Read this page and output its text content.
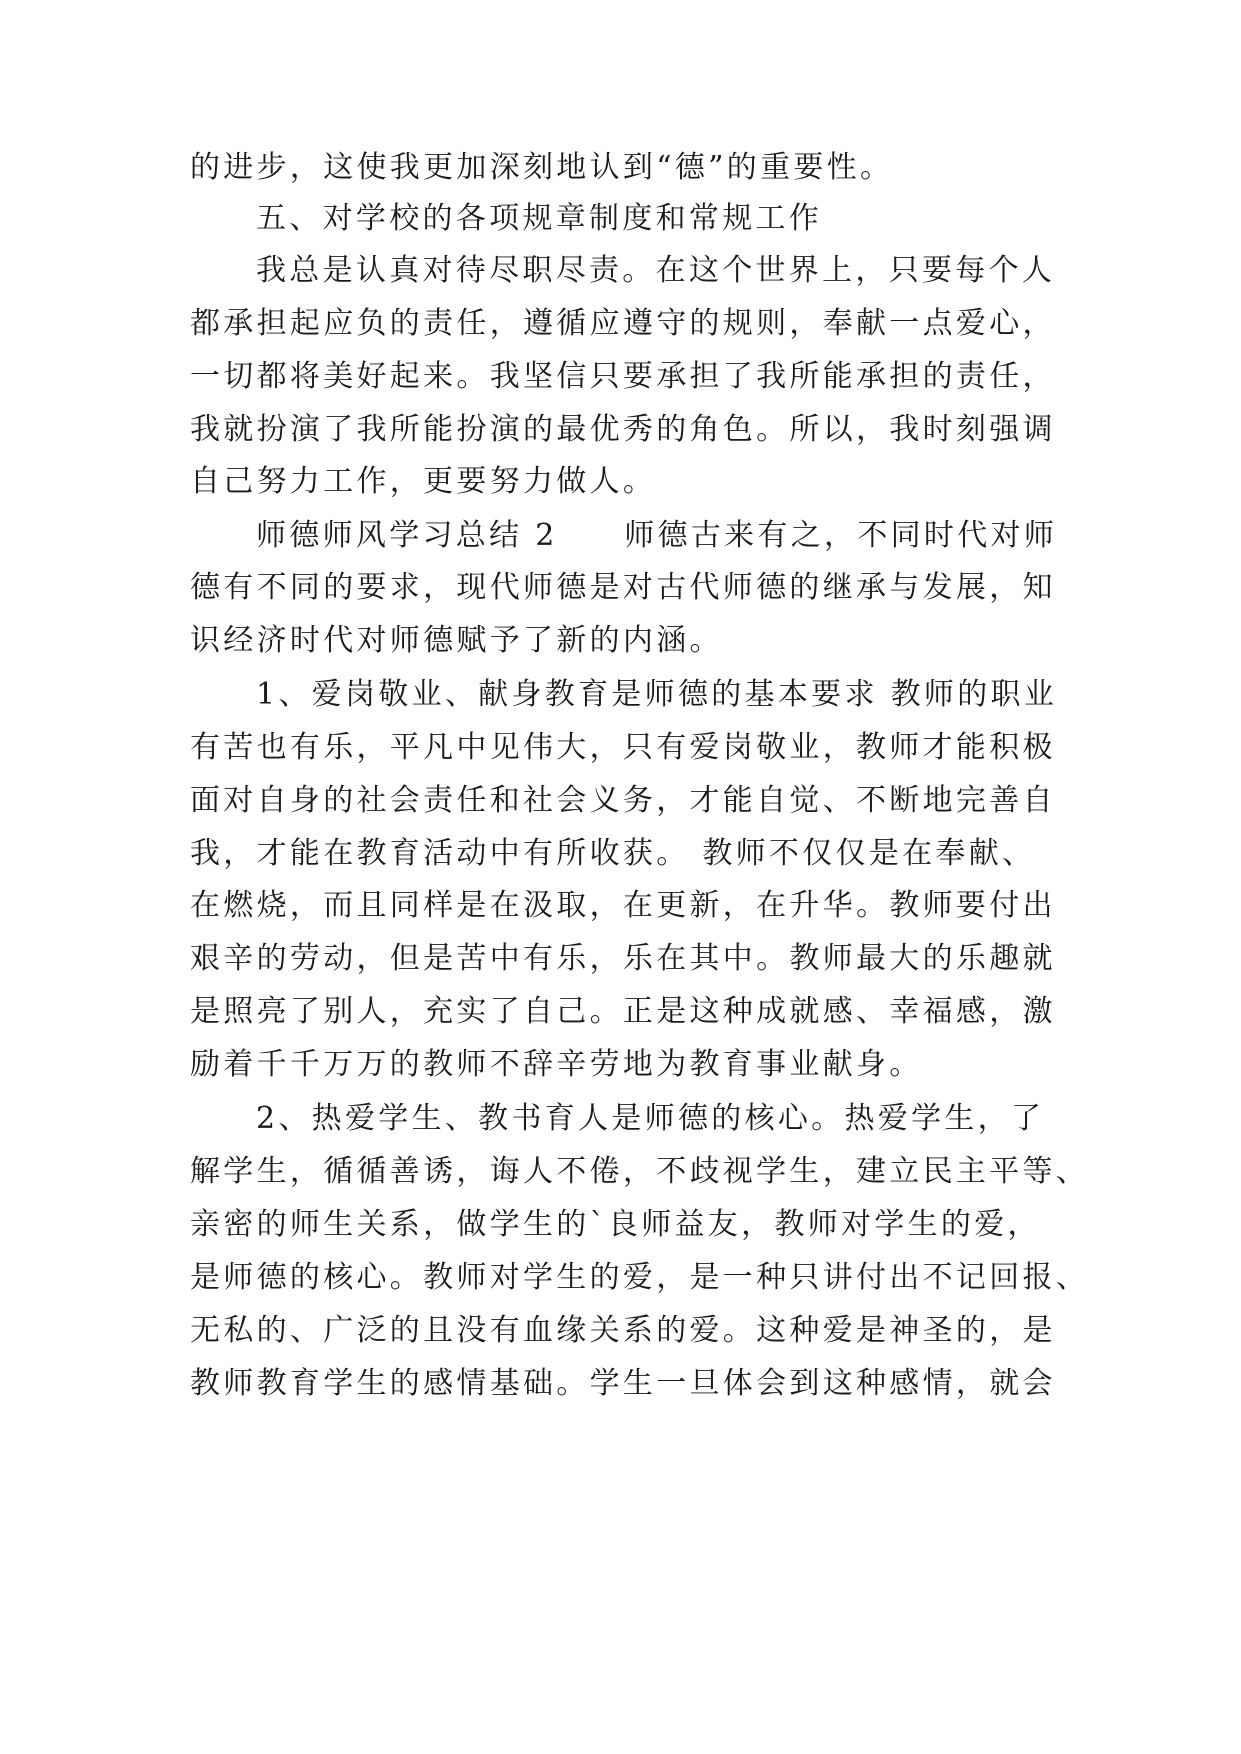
的进步，这使我更加深刻地认到“德”的重要性。
五、对学校的各项规章制度和常规工作
我总是认真对待尽职尽责。在这个世界上，只要每个人
都承担起应负的责任，遵循应遵守的规则，奉献一点爱心，
一切都将美好起来。我坚信只要承担了我所能承担的责任，
我就扮演了我所能扮演的最优秀的角色。所以，我时刻强调
自己努力工作，更要努力做人。
师德师风学习总结 2　　师德古来有之，不同时代对师
德有不同的要求，现代师德是对古代师德的继承与发展，知
识经济时代对师德赋予了新的内涵。
1、爱岗敬业、献身教育是师德的基本要求 教师的职业
有苦也有乐，平凡中见伟大，只有爱岗敬业，教师才能积极
面对自身的社会责任和社会义务，才能自觉、不断地完善自
我，才能在教育活动中有所收获。 教师不仅仅是在奉献、
在燃烧，而且同样是在汲取，在更新，在升华。教师要付出
艰辛的劳动，但是苦中有乐，乐在其中。教师最大的乐趣就
是照亮了别人，充实了自己。正是这种成就感、幸福感，激
励着千千万万的教师不辞辛劳地为教育事业献身。
2、热爱学生、教书育人是师德的核心。热爱学生，了
解学生，循循善诱，诲人不倦，不歧视学生，建立民主平等、
亲密的师生关系，做学生的`良师益友，教师对学生的爱，
是师德的核心。教师对学生的爱，是一种只讲付出不记回报、
无私的、广泛的且没有血缘关系的爱。这种爱是神圣的，是
教师教育学生的感情基础。学生一旦体会到这种感情，就会
